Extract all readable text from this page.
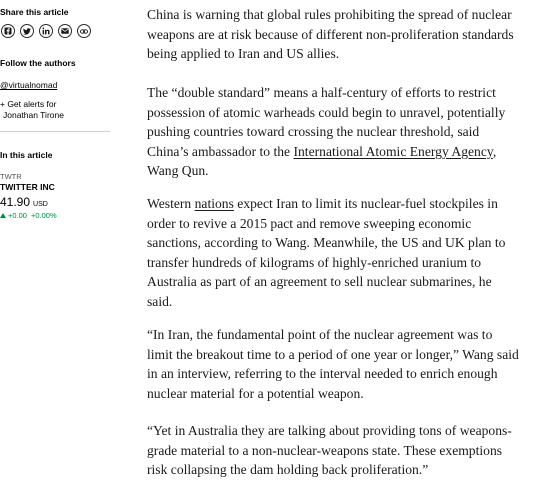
Share this article
Follow the authors
@virtualnomad
+ Get alerts for
Jonathan Tirone
In this article
TWTR
TWITTER INC
41.90 USD
+0.00 +0.00%

China is warning that global rules prohibiting the spread of nuclear
weapons are at risk because of different non-proliferation standards
being applied to Iran and US allies.

The “double standard” means a half-century of efforts to restrict
possession of atomic warheads could begin to unravel, potentially
pushing countries toward crossing the nuclear threshold, said
China’s ambassador to the International Atomic Energy Agency,
Wang Qun.

Western nations expect Iran to limit its nuclear-fuel stockpiles in
order to revive a 2015 pact and remove sweeping economic
sanctions, according to Wang. Meanwhile, the US and UK plan to
transfer hundreds of kilograms of highly-enriched uranium to
Australia as part of an agreement to sell nuclear submarines, he
said.

“In Iran, the fundamental point of the nuclear agreement was to
limit the breakout time to a period of one year or longer,” Wang said
in an interview, referring to the interval needed to enrich enough
nuclear material for a potential weapon.

“Yet in Australia they are talking about providing tons of weapons-
grade material to a non-nuclear-weapons state. These exemptions
risk collapsing the dam holding back proliferation.”
